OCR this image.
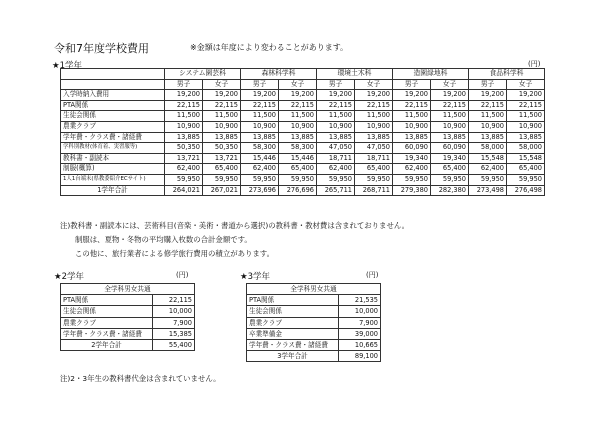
令和7年度学校費用	※金額は年度により変わることがあります。
★1学年	(円)
	システム園芸科		森林科学科		環境土木科		造園緑地科		食品科学科	
	男子	女子	男子	女子	男子	女子	男子	女子	男子	女子
入学時納入費用	19,200	19,200	19,200	19,200	19,200	19,200	19,200	19,200	19,200	19,200
PTA関係	22,115	22,115	22,115	22,115	22,115	22,115	22,115	22,115	22,115	22,115
生徒会関係	11,500	11,500	11,500	11,500	11,500	11,500	11,500	11,500	11,500	11,500
農業クラブ	10,900	10,900	10,900	10,900	10,900	10,900	10,900	10,900	10,900	10,900
学年費・クラス費・諸経費	13,885	13,885	13,885	13,885	13,885	13,885	13,885	13,885	13,885	13,885
学科別教材(体育着、実習服等)	50,350	50,350	58,300	58,300	47,050	47,050	60,090	60,090	58,000	58,000
教科書・副読本	13,721	13,721	15,446	15,446	18,711	18,711	19,340	19,340	15,548	15,548
制服(概算)	62,400	65,400	62,400	65,400	62,400	65,400	62,400	65,400	62,400	65,400
1人1台端末(県教委紹介ECサイト)	59,950	59,950	59,950	59,950	59,950	59,950	59,950	59,950	59,950	59,950
1学年合計	264,021	267,021	273,696	276,696	265,711	268,711	279,380	282,380	273,498	276,498
注)教科書・副読本には、芸術科目(音楽・美術・書道から選択)の教科書・教材費は含まれておりません。
制服は、夏物・冬物の平均購入枚数の合計金額です。
この他に、旅行業者による修学旅行費用の積立があります。
★2学年	(円)
全学科男女共通	
PTA関係	22,115
生徒会関係	10,000
農業クラブ	7,900
学年費・クラス費・諸経費	15,385
2学年合計	55,400
★3学年	(円)
全学科男女共通	
PTA関係	21,535
生徒会関係	10,000
農業クラブ	7,900
卒業準備金	39,000
学年費・クラス費・諸経費	10,665
3学年合計	89,100
注)2・3年生の教科書代金は含まれていません。
